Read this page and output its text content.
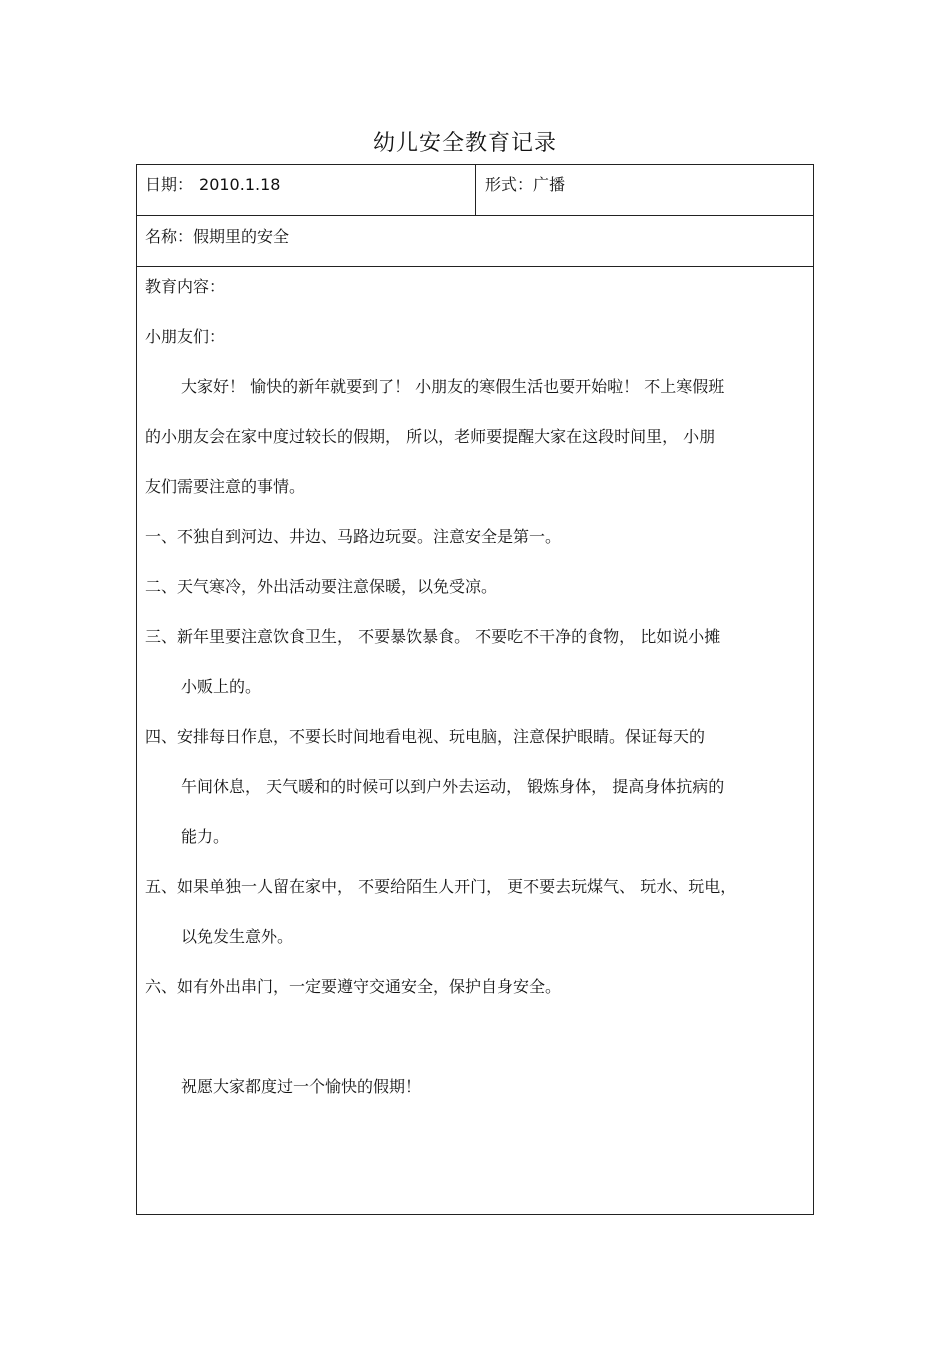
幼儿安全教育记录
日期： 2010.1.18	形式：广播
名称：假期里的安全
教育内容：
小朋友们：
大家好！ 愉快的新年就要到了！ 小朋友的寒假生活也要开始啦！ 不上寒假班
的小朋友会在家中度过较长的假期， 所以，老师要提醒大家在这段时间里， 小朋
友们需要注意的事情。
一、不独自到河边、井边、马路边玩耍。注意安全是第一。
二、天气寒冷，外出活动要注意保暖，以免受凉。
三、新年里要注意饮食卫生， 不要暴饮暴食。 不要吃不干净的食物， 比如说小摊
小贩上的。
四、安排每日作息，不要长时间地看电视、玩电脑，注意保护眼睛。保证每天的
午间休息， 天气暖和的时候可以到户外去运动， 锻炼身体， 提高身体抗病的
能力。
五、如果单独一人留在家中， 不要给陌生人开门， 更不要去玩煤气、 玩水、玩电，
以免发生意外。
六、如有外出串门，一定要遵守交通安全，保护自身安全。
祝愿大家都度过一个愉快的假期！
